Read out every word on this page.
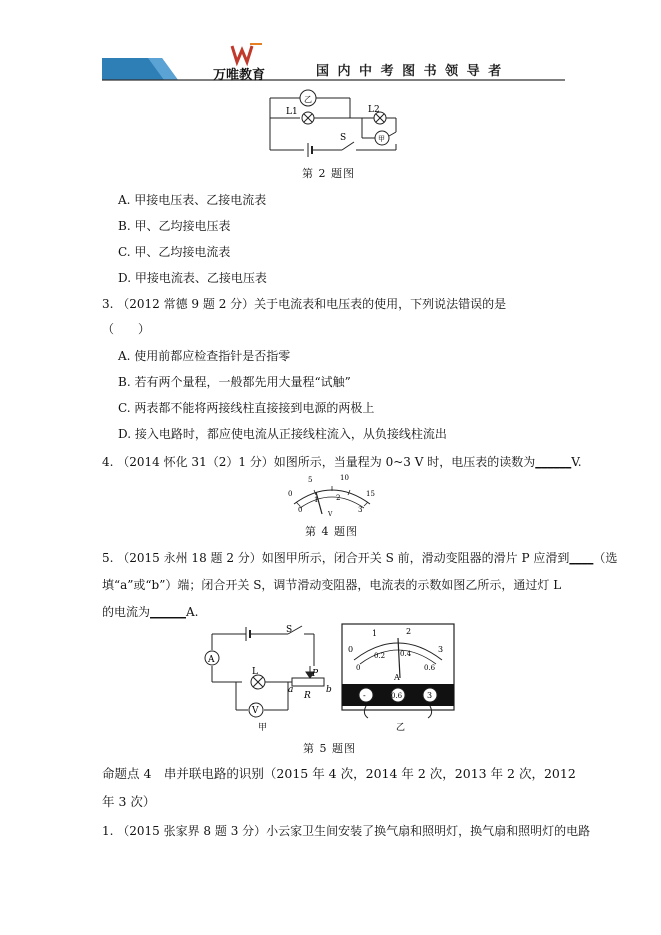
万唯教育	国 内 中 考 图 书 领 导 者
乙
甲
L1	L2
S
第 2 题图
A. 甲接电压表、乙接电流表
B. 甲、乙均接电压表
C. 甲、乙均接电流表
D. 甲接电流表、乙接电压表
3. （2012 常德 9 题 2 分）关于电流表和电压表的使用，下列说法错误的是
（　　）
A. 使用前都应检查指针是否指零
B. 若有两个量程，一般都先用大量程“试触”
C. 两表都不能将两接线柱直接接到电源的两极上
D. 接入电路时，都应使电流从正接线柱流入，从负接线柱流出
4. （2014 怀化 31（2）1 分）如图所示，当量程为 0~3 V 时，电压表的读数为______V.
5	10
15
0
0
1	2
3
V
第 4 题图
5. （2015 永州 18 题 2 分）如图甲所示，闭合开关 S 前，滑动变阻器的滑片 P 应滑到____（选
填“a”或“b”）端；闭合开关 S，调节滑动变阻器，电流表的示数如图乙所示，通过灯 L
的电流为______A.
S
A
L
V
P
R
a	b
甲
0
1	2
3
0
0.2 0.4
0.6
A
-	0.6	3
乙
第 5 题图
命题点 4　串并联电路的识别（2015 年 4 次，2014 年 2 次，2013 年 2 次，2012
年 3 次）
1. （2015 张家界 8 题 3 分）小云家卫生间安装了换气扇和照明灯，换气扇和照明灯的电路
